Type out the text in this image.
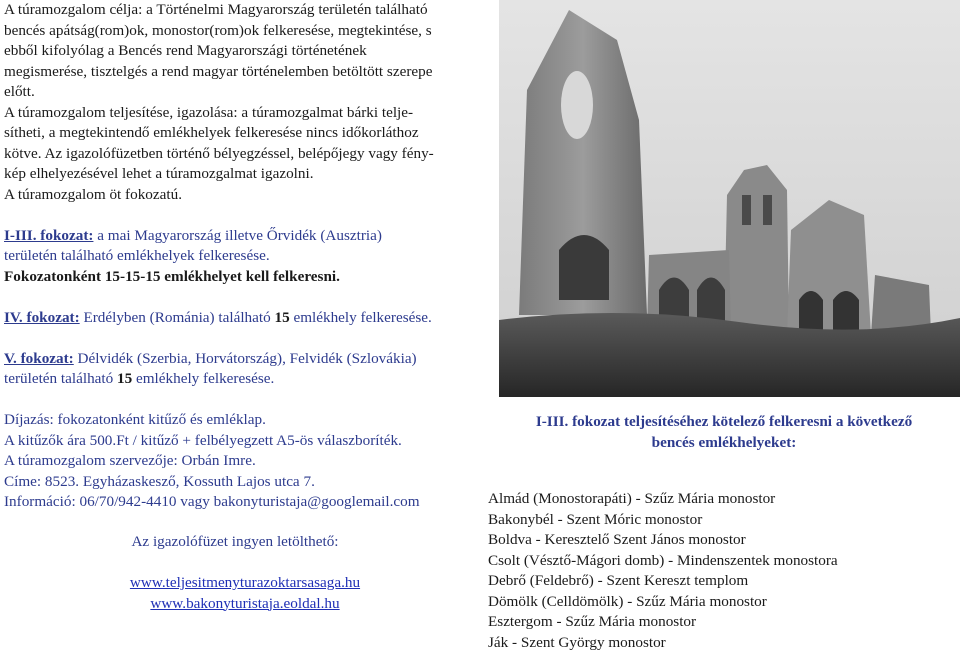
A túramozgalom célja: a Történelmi Magyarország területén található
bencés apátság(rom)ok, monostor(rom)ok felkeresése, megtekintése, s
ebből kifolyólag a Bencés rend Magyarországi történetének
megismerése, tisztelgés a rend magyar történelemben betöltött szerepe
előtt.
A túramozgalom teljesítése, igazolása: a túramozgalmat bárki telje-
sítheti, a megtekintendő emlékhelyek felkeresése nincs időkorláthoz
kötve. Az igazolófüzetben történő bélyegzéssel, belépőjegy vagy fény-
kép elhelyezésével lehet a túramozgalmat igazolni.
A túramozgalom öt fokozatú.
I-III. fokozat: a mai Magyarország illetve Őrvidék (Ausztria)
területén található emlékhelyek felkeresése.
Fokozatonként 15-15-15 emlékhelyet kell felkeresni.
IV. fokozat: Erdélyben (Románia) található 15 emlékhely felkeresése.
V. fokozat: Délvidék (Szerbia, Horvátország), Felvidék (Szlovákia)
területén található 15 emlékhely felkeresése.
Díjazás: fokozatonként kitűző és emléklap.
A kitűzők ára 500.Ft / kitűző + felbélyegzett A5-ös válaszboríték.
A túramozgalom szervezője: Orbán Imre.
Címe: 8523. Egyházaskesző, Kossuth Lajos utca 7.
Információ: 06/70/942-4410 vagy bakonyturistaja@googlemail.com
Az igazolófüzet ingyen letölthető:
www.teljesitmenyturazoktarsasaga.hu
www.bakonyturistaja.eoldal.hu
I-III. fokozat teljesítéséhez kötelező felkeresni a következő
bencés emlékhelyeket:
Almád (Monostorapáti) - Szűz Mária monostor
Bakonybél - Szent Móric monostor
Boldva - Keresztelő Szent János monostor
Csolt (Vésztő-Mágori domb) - Mindenszentek monostora
Debrő (Feldebrő) - Szent Kereszt templom
Dömölk (Celldömölk) - Szűz Mária monostor
Esztergom - Szűz Mária monostor
Ják - Szent György monostor
